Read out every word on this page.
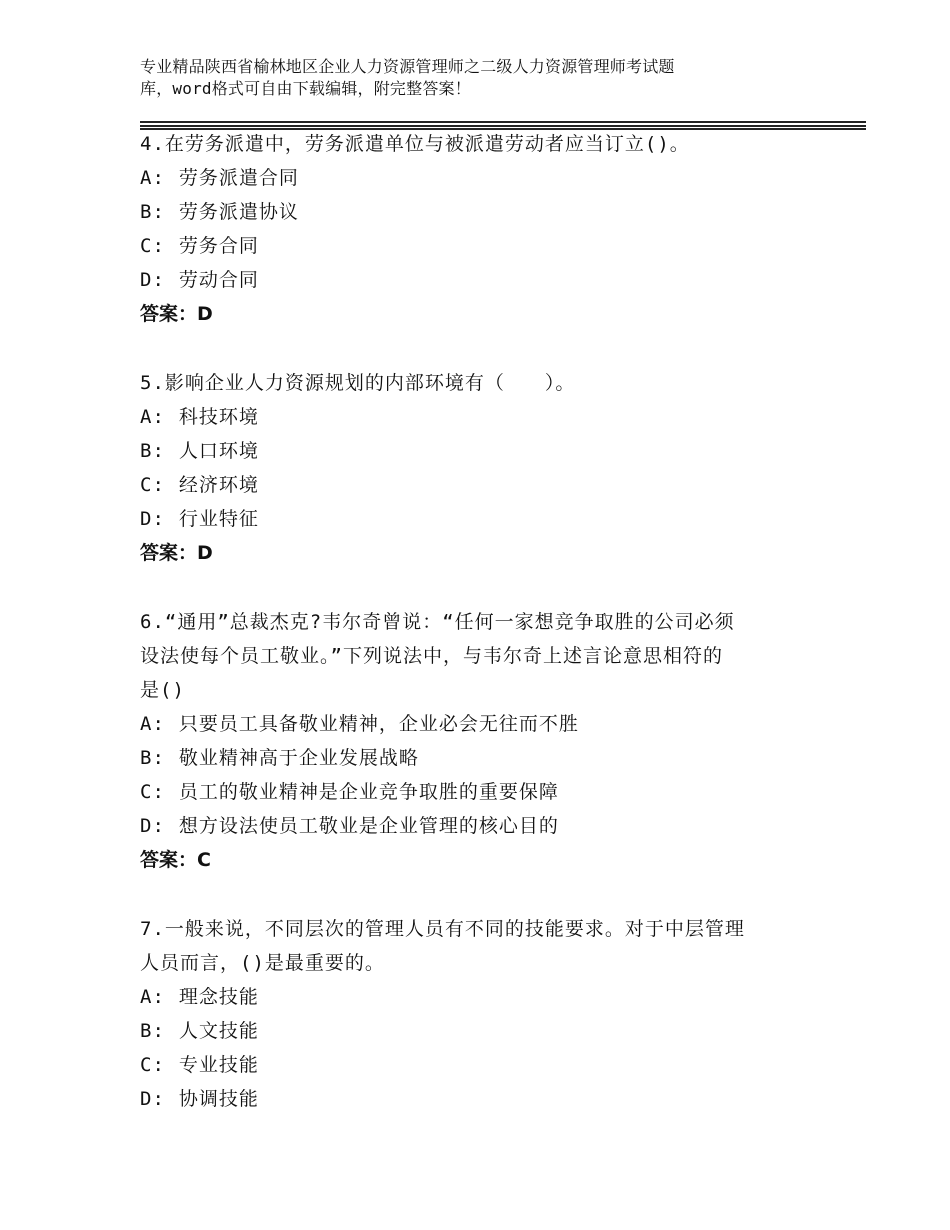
专业精品陕西省榆林地区企业人力资源管理师之二级人力资源管理师考试题
库，word格式可自由下载编辑，附完整答案！
4.在劳务派遣中，劳务派遣单位与被派遣劳动者应当订立()。
A: 劳务派遣合同
B: 劳务派遣协议
C: 劳务合同
D: 劳动合同
答案：D
5.影响企业人力资源规划的内部环境有（　　）。
A: 科技环境
B: 人口环境
C: 经济环境
D: 行业特征
答案：D
6.“通用”总裁杰克?韦尔奇曾说：“任何一家想竞争取胜的公司必须
设法使每个员工敬业。”下列说法中，与韦尔奇上述言论意思相符的
是()
A: 只要员工具备敬业精神，企业必会无往而不胜
B: 敬业精神高于企业发展战略
C: 员工的敬业精神是企业竞争取胜的重要保障
D: 想方设法使员工敬业是企业管理的核心目的
答案：C
7.一般来说，不同层次的管理人员有不同的技能要求。对于中层管理
人员而言，()是最重要的。
A: 理念技能
B: 人文技能
C: 专业技能
D: 协调技能
